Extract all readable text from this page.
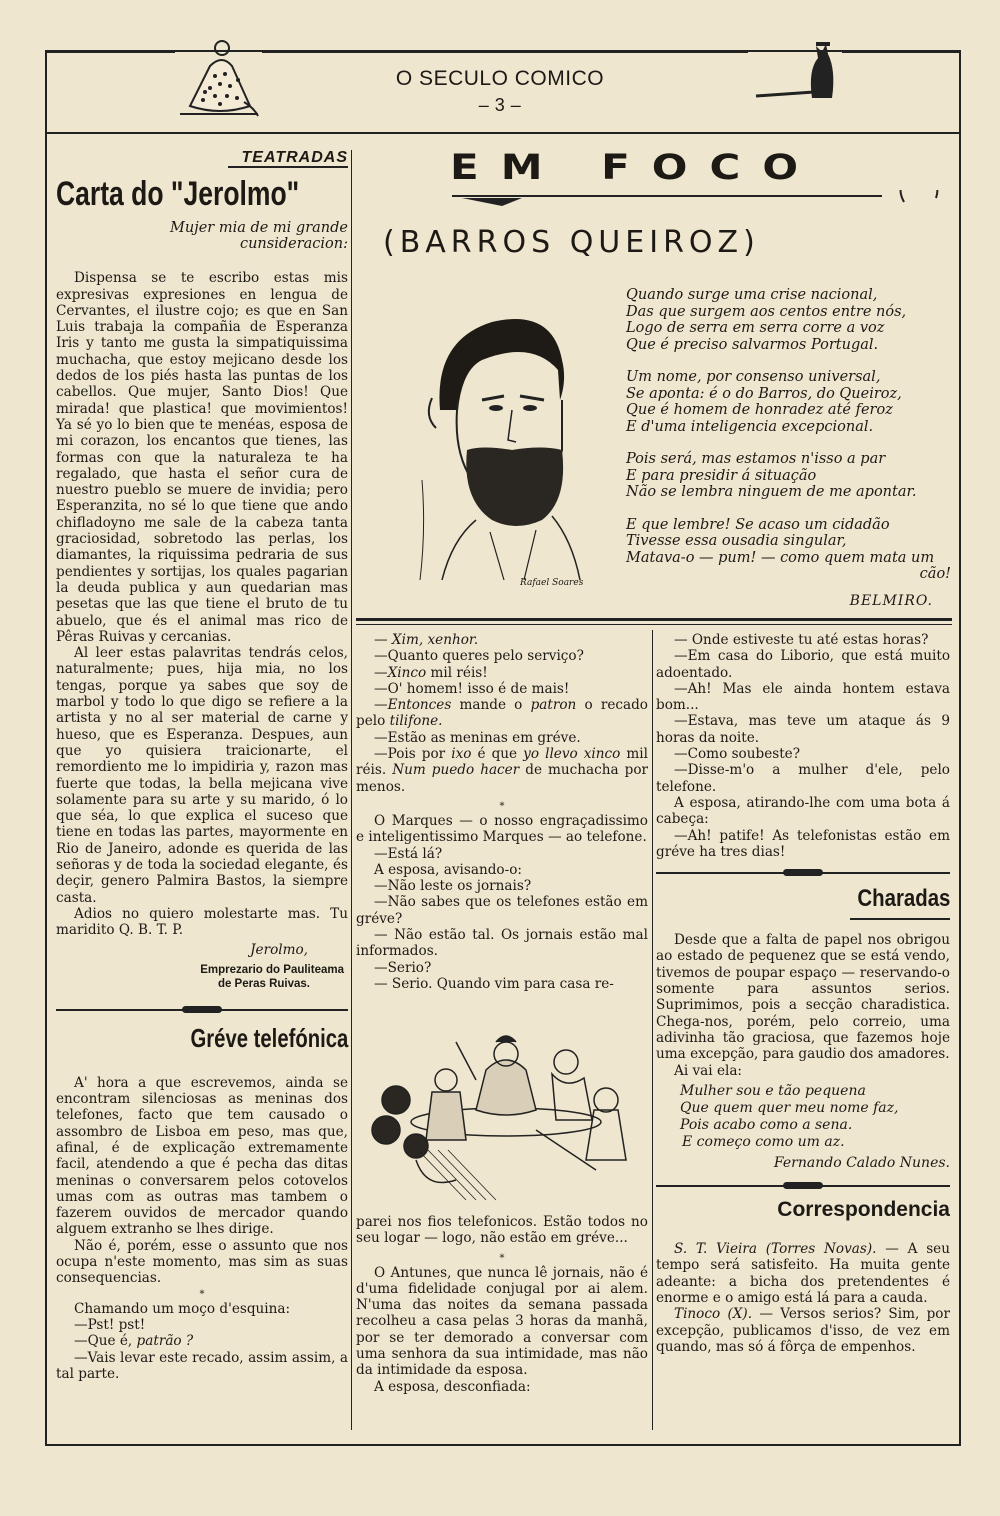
O SECULO COMICO
– 3 –
TEATRADAS
Carta do "Jerolmo"

Mujer mia de mi grande cunsideracion:

Dispensa se te escribo estas mis expresivas expresiones en lengua de Cervantes, el ilustre cojo; es que en San Luis trabaja la compañia de Esperanza Iris y tanto me gusta la simpatiquissima muchacha, que estoy mejicano desde los dedos de los piés hasta las puntas de los cabellos. Que mujer, Santo Dios! Que mirada! que plastica! que movimientos! Ya sé yo lo bien que te menéas, esposa de mi corazon, los encantos que tienes, las formas con que la naturaleza te ha regalado, que hasta el señor cura de nuestro pueblo se muere de invidia; pero Esperanzita, no sé lo que tiene que ando chifladoyno me sale de la cabeza tanta graciosidad, sobretodo las perlas, los diamantes, la riquissima pedraria de sus pendientes y sortijas, los quales pagarian la deuda publica y aun quedarian mas pesetas que las que tiene el bruto de tu abuelo, que és el animal mas rico de Pêras Ruivas y cercanias.

Al leer estas palavritas tendrás celos, naturalmente; pues, hija mia, no los tengas, porque ya sabes que soy de marbol y todo lo que digo se refiere a la artista y no al ser material de carne y hueso, que es Esperanza. Despues, aun que yo quisiera traicionarte, el remordiento me lo impidiria y, razon mas fuerte que todas, la bella mejicana vive solamente para su arte y su marido, ó lo que séa, lo que explica el suceso que tiene en todas las partes, mayormente en Rio de Janeiro, adonde es querida de las señoras y de toda la sociedad elegante, és deçir, genero Palmira Bastos, la siempre casta.

Adios no quiero molestarte mas. Tu maridito Q. B. T. P.

Jerolmo,

Emprezario do Pauliteama

de Peras Ruivas.

Gréve telefónica

A' hora a que escrevemos, ainda se encontram silenciosas as meninas dos telefones, facto que tem causado o assombro de Lisboa em peso, mas que, afinal, é de explicação extremamente facil, atendendo a que é pecha das ditas meninas o conversarem pelos cotovelos umas com as outras mas tambem o fazerem ouvidos de mercador quando alguem extranho se lhes dirige.

Não é, porém, esse o assunto que nos ocupa n'este momento, mas sim as suas consequencias.

*

Chamando um moço d'esquina:

—Pst! pst!

—Que é, patrão ?

—Vais levar este recado, assim assim, a tal parte.

EM FOCO
(BARROS QUEIROZ)
Rafael Soares

Quando surge uma crise nacional,

Das que surgem aos centos entre nós,

Logo de serra em serra corre a voz

Que é preciso salvarmos Portugal.

Um nome, por consenso universal,

Se aponta: é o do Barros, do Queiroz,

Que é homem de honradez até feroz

E d'uma inteligencia excepcional.

Pois será, mas estamos n'isso a par

E para presidir á situação

Não se lembra ninguem de me apontar.

E que lembre! Se acaso um cidadão

Tivesse essa ousadia singular,

Matava-o — pum! — como quem mata um

cão!

BELMIRO.

— Xim, xenhor.

—Quanto queres pelo serviço?

—Xinco mil réis!

—O' homem! isso é de mais!

—Entonces mande o patron o recado pelo tilifone.

—Estão as meninas em gréve.

—Pois por ixo é que yo llevo xinco mil réis. Num puedo hacer de muchacha por menos.

*

O Marques — o nosso engraçadissimo e inteligentissimo Marques — ao telefone.

—Está lá?

A esposa, avisando-o:

—Não leste os jornais?

—Não sabes que os telefones estão em gréve?

— Não estão tal. Os jornais estão mal informados.

—Serio?

— Serio. Quando vim para casa re-

parei nos fios telefonicos. Estão todos no seu logar — logo, não estão em gréve...

*

O Antunes, que nunca lê jornais, não é d'uma fidelidade conjugal por ai alem. N'uma das noites da semana passada recolheu a casa pelas 3 horas da manhã, por se ter demorado a conversar com uma senhora da sua intimidade, mas não da intimidade da esposa.

A esposa, desconfiada:

— Onde estiveste tu até estas horas?

—Em casa do Liborio, que está muito adoentado.

—Ah! Mas ele ainda hontem estava bom...

—Estava, mas teve um ataque ás 9 horas da noite.

—Como soubeste?

—Disse-m'o a mulher d'ele, pelo telefone.

A esposa, atirando-lhe com uma bota á cabeça:

—Ah! patife! As telefonistas estão em gréve ha tres dias!

Charadas

Desde que a falta de papel nos obrigou ao estado de pequenez que se está vendo, tivemos de poupar espaço — reservando-o somente para assuntos serios. Suprimimos, pois a secção charadistica. Chega-nos, porém, pelo correio, uma adivinha tão graciosa, que fazemos hoje uma excepção, para gaudio dos amadores.

Ai vai ela:

Mulher sou e tão pequena

Que quem quer meu nome faz,

Pois acabo como a sena.

E começo como um az.

Fernando Calado Nunes.

Correspondencia

S. T. Vieira (Torres Novas). — A seu tempo será satisfeito. Ha muita gente adeante: a bicha dos pretendentes é enorme e o amigo está lá para a cauda.

Tinoco (X). — Versos serios? Sim, por excepção, publicamos d'isso, de vez em quando, mas só á fôrça de empenhos.
